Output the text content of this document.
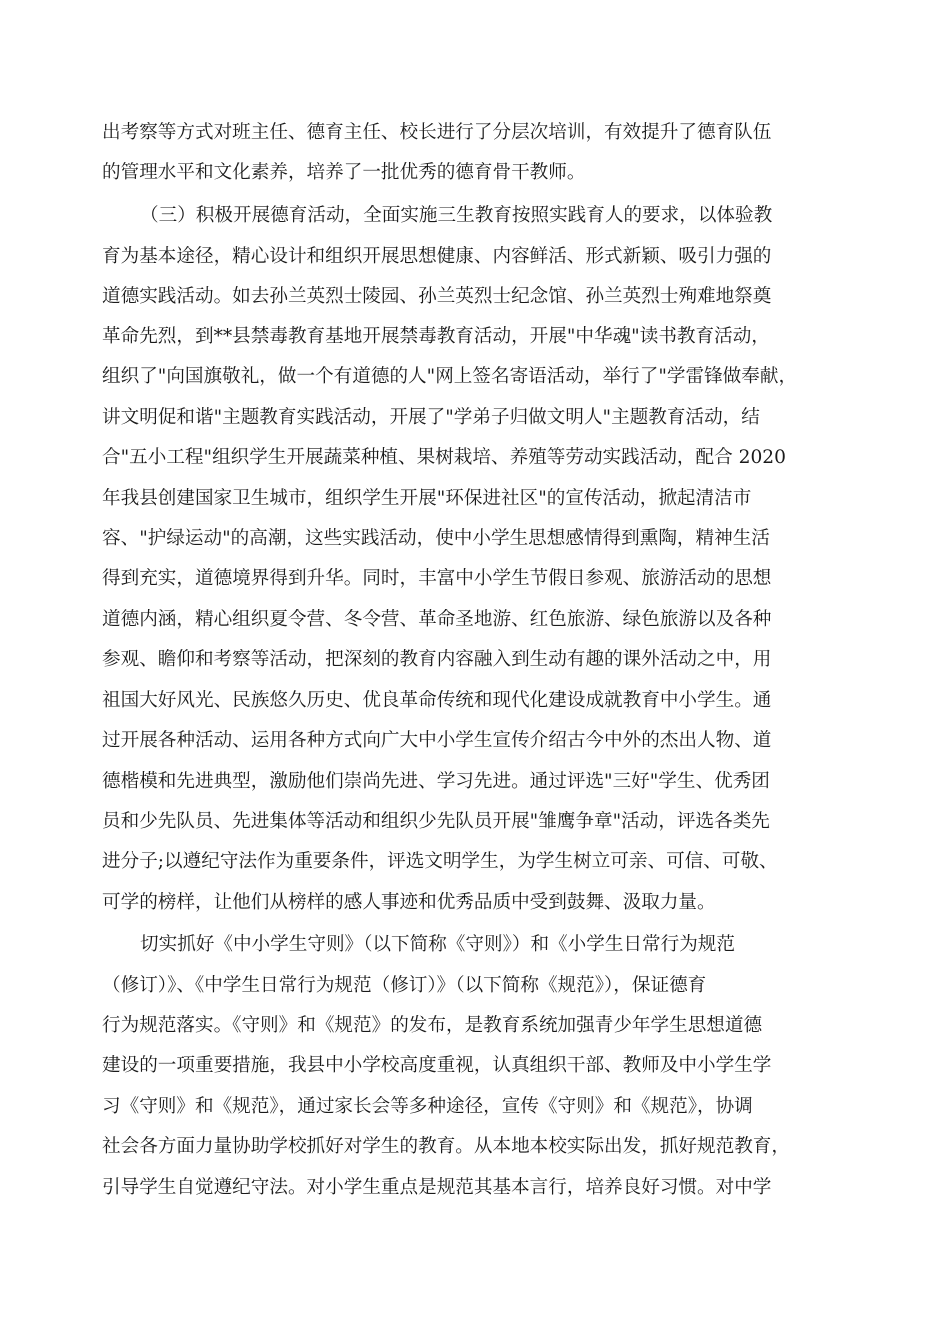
出考察等方式对班主任、德育主任、校长进行了分层次培训，有效提升了德育队伍
的管理水平和文化素养，培养了一批优秀的德育骨干教师。
（三）积极开展德育活动，全面实施三生教育按照实践育人的要求，以体验教
育为基本途径，精心设计和组织开展思想健康、内容鲜活、形式新颖、吸引力强的
道德实践活动。如去孙兰英烈士陵园、孙兰英烈士纪念馆、孙兰英烈士殉难地祭奠
革命先烈，到**县禁毒教育基地开展禁毒教育活动，开展"中华魂"读书教育活动，
组织了"向国旗敬礼，做一个有道德的人"网上签名寄语活动，举行了"学雷锋做奉献，
讲文明促和谐"主题教育实践活动，开展了"学弟子归做文明人"主题教育活动，结
合"五小工程"组织学生开展蔬菜种植、果树栽培、养殖等劳动实践活动，配合 2020
年我县创建国家卫生城市，组织学生开展"环保进社区"的宣传活动，掀起清洁市
容、"护绿运动"的高潮，这些实践活动，使中小学生思想感情得到熏陶，精神生活
得到充实，道德境界得到升华。同时，丰富中小学生节假日参观、旅游活动的思想
道德内涵，精心组织夏令营、冬令营、革命圣地游、红色旅游、绿色旅游以及各种
参观、瞻仰和考察等活动，把深刻的教育内容融入到生动有趣的课外活动之中，用
祖国大好风光、民族悠久历史、优良革命传统和现代化建设成就教育中小学生。通
过开展各种活动、运用各种方式向广大中小学生宣传介绍古今中外的杰出人物、道
德楷模和先进典型，激励他们崇尚先进、学习先进。通过评选"三好"学生、优秀团
员和少先队员、先进集体等活动和组织少先队员开展"雏鹰争章"活动，评选各类先
进分子;以遵纪守法作为重要条件，评选文明学生，为学生树立可亲、可信、可敬、
可学的榜样，让他们从榜样的感人事迹和优秀品质中受到鼓舞、汲取力量。
切实抓好《中小学生守则》（以下简称《守则》）和《小学生日常行为规范
（修订）》、《中学生日常行为规范（修订）》（以下简称《规范》），保证德育
行为规范落实。《守则》和《规范》的发布，是教育系统加强青少年学生思想道德
建设的一项重要措施，我县中小学校高度重视，认真组织干部、教师及中小学生学
习《守则》和《规范》，通过家长会等多种途径，宣传《守则》和《规范》，协调
社会各方面力量协助学校抓好对学生的教育。从本地本校实际出发，抓好规范教育，
引导学生自觉遵纪守法。对小学生重点是规范其基本言行，培养良好习惯。对中学
